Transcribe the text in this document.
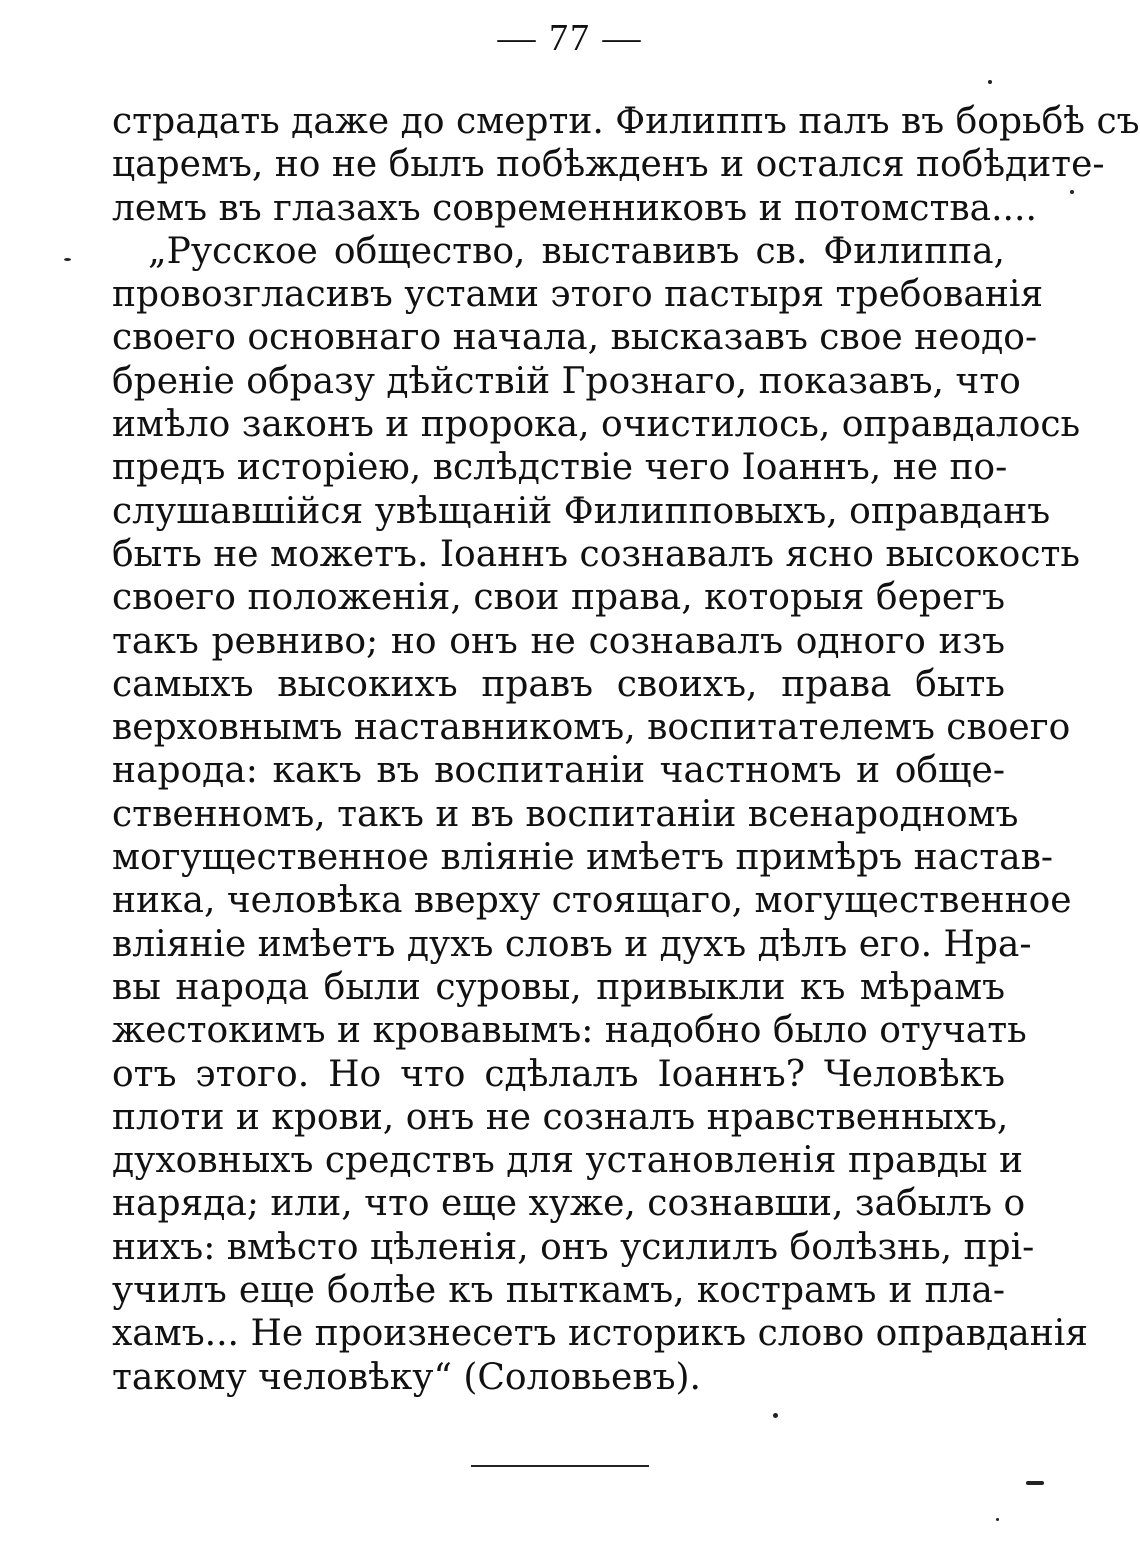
— 77 —
страдать даже до смерти. Филиппъ палъ въ борьбѣ съ
царемъ, но не былъ побѣжденъ и остался побѣдите-
лемъ въ глазахъ современниковъ и потомства....
„Русское общество, выставивъ св. Филиппа,
провозгласивъ устами этого пастыря требованія
своего основнаго начала, высказавъ свое неодо-
бреніе образу дѣйствій Грознаго, показавъ, что
имѣло законъ и пророка, очистилось, оправдалось
предъ исторіею, вслѣдствіе чего Іоаннъ, не по-
слушавшійся увѣщаній Филипповыхъ, оправданъ
быть не можетъ. Іоаннъ сознавалъ ясно высокость
своего положенія, свои права, которыя берегъ
такъ ревниво; но онъ не сознавалъ одного изъ
самыхъ высокихъ правъ своихъ, права быть
верховнымъ наставникомъ, воспитателемъ своего
народа: какъ въ воспитаніи частномъ и обще-
ственномъ, такъ и въ воспитаніи всенародномъ
могущественное вліяніе имѣетъ примѣръ настав-
ника, человѣка вверху стоящаго, могущественное
вліяніе имѣетъ духъ словъ и духъ дѣлъ его. Нра-
вы народа были суровы, привыкли къ мѣрамъ
жестокимъ и кровавымъ: надобно было отучать
отъ этого. Но что сдѣлалъ Іоаннъ? Человѣкъ
плоти и крови, онъ не созналъ нравственныхъ,
духовныхъ средствъ для установленія правды и
наряда; или, что еще хуже, сознавши, забылъ о
нихъ: вмѣсто цѣленія, онъ усилилъ болѣзнь, прі-
училъ еще болѣе къ пыткамъ, кострамъ и пла-
хамъ... Не произнесетъ историкъ слово оправданія
такому человѣку“ (Соловьевъ).
